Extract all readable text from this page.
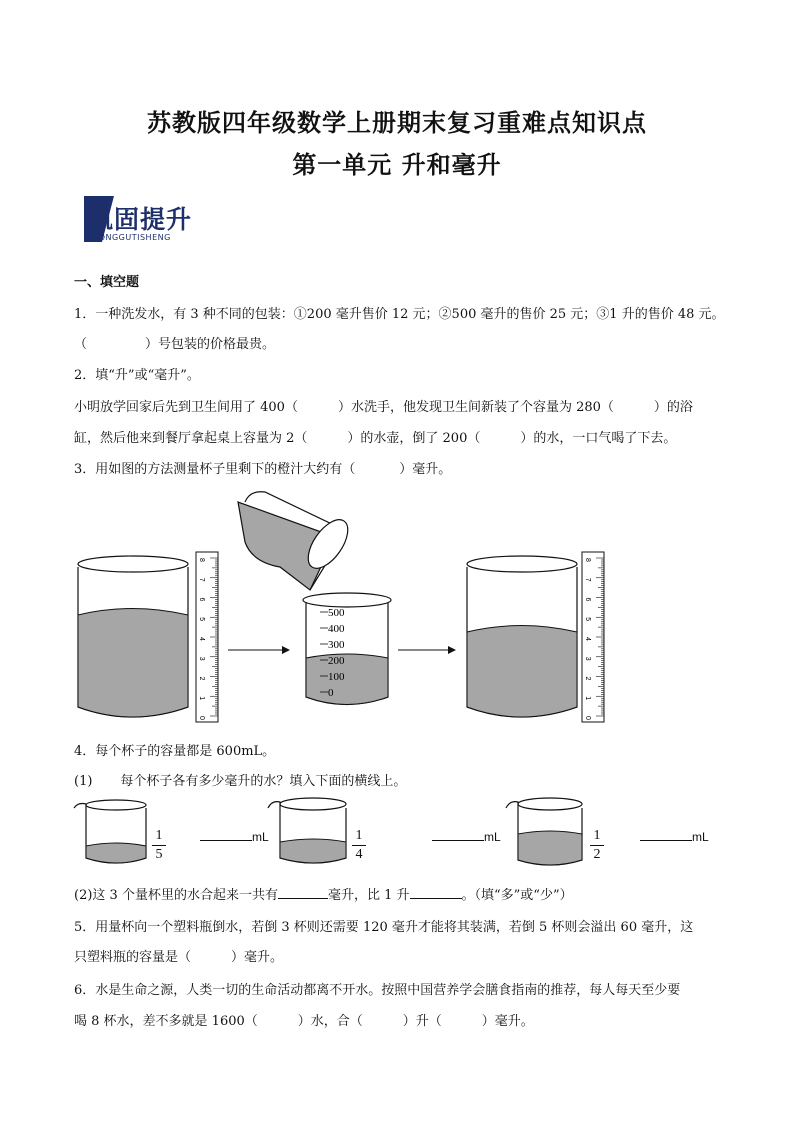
苏教版四年级数学上册期末复习重难点知识点
第一单元 升和毫升
巩固提升
GONGGUTISHENG
一、填空题
1．一种洗发水，有 3 种不同的包装：①200 毫升售价 12 元；②500 毫升的售价 25 元；③1 升的售价 48 元。
（	）号包装的价格最贵。
2．填“升”或“毫升”。
小明放学回家后先到卫生间用了 400（	）水洗手，他发现卫生间新装了个容量为 280（	）的浴
缸，然后他来到餐厅拿起桌上容量为 2（	）的水壶，倒了 200（	）的水，一口气喝了下去。
3．用如图的方法测量杯子里剩下的橙汁大约有（	）毫升。
8
7
6
5
4
3
2
1
0
500
400
300
200
100
0
8
7
6
5
4
3
2
1
0
4．每个杯子的容量都是 600mL。
(1) 每个杯子各有多少毫升的水？填入下面的横线上。
1
5
1
4
1
2
mL	mL	mL
(2)这 3 个量杯里的水合起来一共有	毫升，比 1 升	。（填“多”或“少”）
5．用量杯向一个塑料瓶倒水，若倒 3 杯则还需要 120 毫升才能将其装满，若倒 5 杯则会溢出 60 毫升，这
只塑料瓶的容量是（	）毫升。
6．水是生命之源，人类一切的生命活动都离不开水。按照中国营养学会膳食指南的推荐，每人每天至少要
喝 8 杯水，差不多就是 1600（	）水，合（	）升（	）毫升。
